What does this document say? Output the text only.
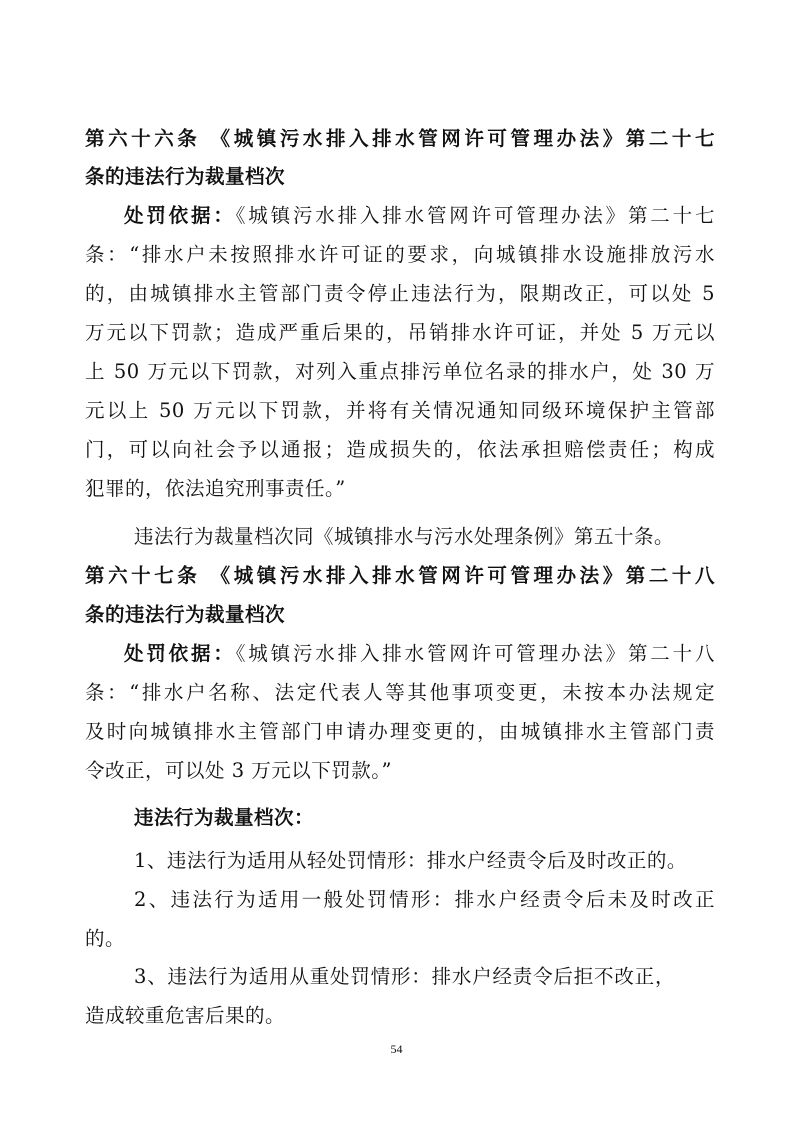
第六十六条 《城镇污水排入排水管网许可管理办法》第二十七
条的违法行为裁量档次
处罚依据：《城镇污水排入排水管网许可管理办法》第二十七
条：“排水户未按照排水许可证的要求，向城镇排水设施排放污水
的，由城镇排水主管部门责令停止违法行为，限期改正，可以处 5
万元以下罚款；造成严重后果的，吊销排水许可证，并处 5 万元以
上 50 万元以下罚款，对列入重点排污单位名录的排水户，处 30 万
元以上 50 万元以下罚款，并将有关情况通知同级环境保护主管部
门，可以向社会予以通报；造成损失的，依法承担赔偿责任；构成
犯罪的，依法追究刑事责任。”
违法行为裁量档次同《城镇排水与污水处理条例》第五十条。
第六十七条 《城镇污水排入排水管网许可管理办法》第二十八
条的违法行为裁量档次
处罚依据：《城镇污水排入排水管网许可管理办法》第二十八
条：“排水户名称、法定代表人等其他事项变更，未按本办法规定
及时向城镇排水主管部门申请办理变更的，由城镇排水主管部门责
令改正，可以处 3 万元以下罚款。”
违法行为裁量档次：
1、违法行为适用从轻处罚情形：排水户经责令后及时改正的。
2、违法行为适用一般处罚情形：排水户经责令后未及时改正
的。
3、违法行为适用从重处罚情形：排水户经责令后拒不改正，
造成较重危害后果的。
54
